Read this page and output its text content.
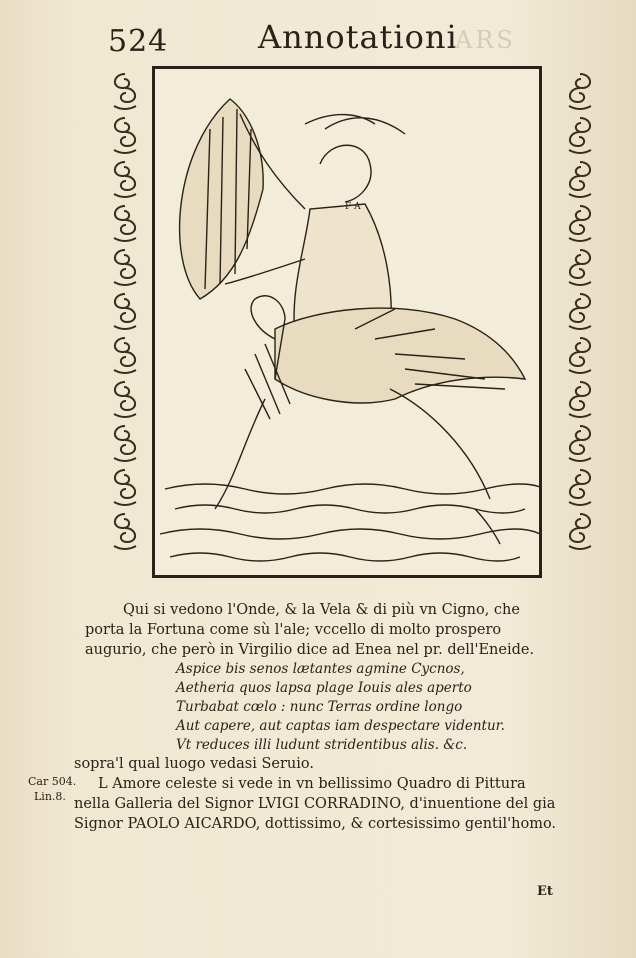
524	Annotationi
ARS
F A
Qui si vedono l'Onde, & la Vela & di più vn Cigno, che porta la Fortuna come sù l'ale; vccello di molto prospero augurio, che però in Virgilio dice ad Enea nel pr. dell'Eneide.
Aspice bis senos lætantes agmine Cycnos,
Aetheria quos lapsa plage Iouis ales aperto
Turbabat cœlo : nunc Terras ordine longo
Aut capere, aut captas iam despectare videntur.
Vt reduces illi ludunt stridentibus alis. &c.
sopra'l qual luogo vedasi Seruio.
Car 504.
Lin.8.
L Amore celeste si vede in vn bellissimo Quadro di Pittura nella Galleria del Signor LVIGI CORRADINO, d'inuentione del gia Signor PAOLO AICARDO, dottissimo, & cortesissimo gentil'homo.
Et
